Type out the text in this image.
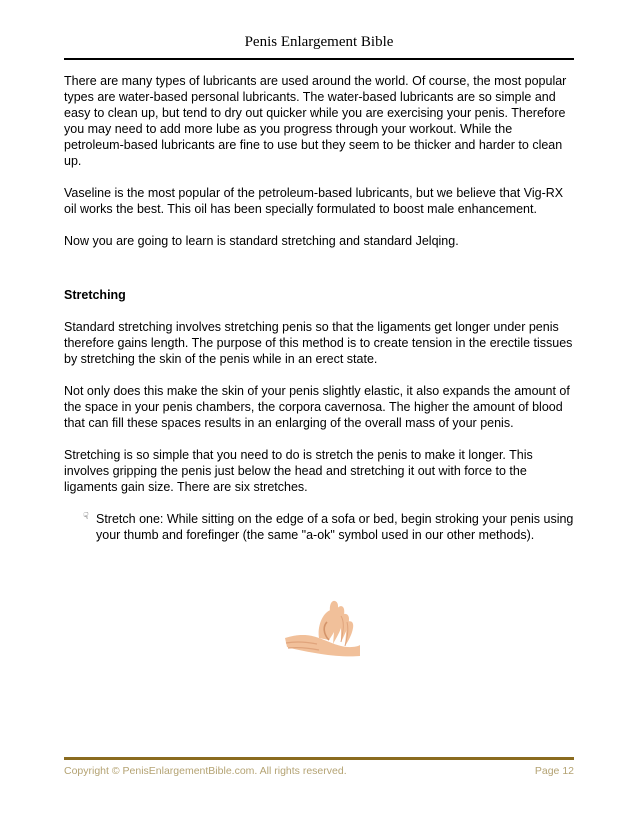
Penis Enlargement Bible

There are many types of lubricants are used around the world. Of course, the most popular types are water-based personal lubricants. The water-based lubricants are so simple and easy to clean up, but tend to dry out quicker while you are exercising your penis. Therefore you may need to add more lube as you progress through your workout. While the petroleum-based lubricants are fine to use but they seem to be thicker and harder to clean up.

Vaseline is the most popular of the petroleum-based lubricants, but we believe that Vig-RX oil works the best. This oil has been specially formulated to boost male enhancement.

Now you are going to learn is standard stretching and standard Jelqing.

Stretching

Standard stretching involves stretching penis so that the ligaments get longer under penis therefore gains length. The purpose of this method is to create tension in the erectile tissues by stretching the skin of the penis while in an erect state.

Not only does this make the skin of your penis slightly elastic, it also expands the amount of the space in your penis chambers, the corpora cavernosa. The higher the amount of blood that can fill these spaces results in an enlarging of the overall mass of your penis.

Stretching is so simple that you need to do is stretch the penis to make it longer. This involves gripping the penis just below the head and stretching it out with force to the ligaments gain size. There are six stretches.

☟ Stretch one: While sitting on the edge of a sofa or bed, begin stroking your penis using your thumb and forefinger (the same "a-ok" symbol used in our other methods).
Copyright © PenisEnlargementBible.com. All rights reserved.	Page 12
